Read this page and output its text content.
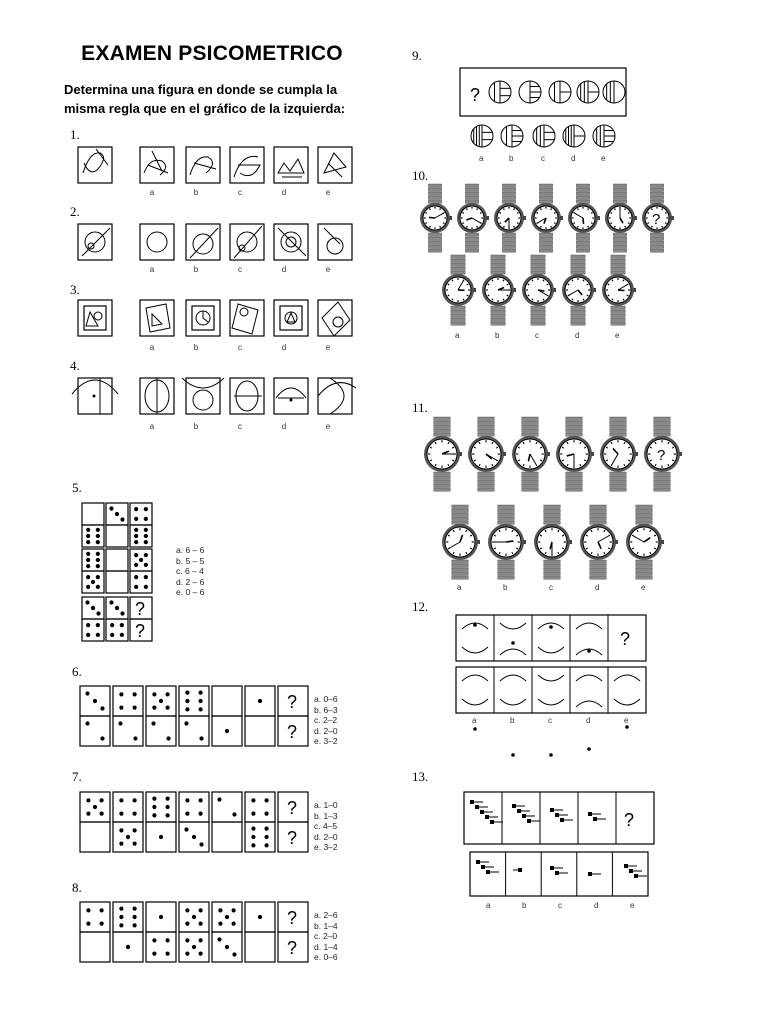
EXAMEN PSICOMETRICO
Determina una figura en donde se cumpla la misma regla que en el gráfico de la izquierda:
1.
2.
3.
4.
5.
6.
7.
8.
9.
10.
11.
12.
13.
a	b	c	d	e
a	b	c	d	e
a	b	c	d	e
a	b	c	d	e
?
?
a. 6 – 6
b. 5 – 5
c. 6 – 4
d. 2 – 6
e. 0 – 6
?
?
a. 0–6
b. 6–3
c. 2–2
d. 2–0
e. 3–2
?
?
a. 1–0
b. 1–3
c. 4–5
d. 2–0
e. 3–2
?
?
a. 2–6
b. 1–4
c. 2–0
d. 1–4
e. 0–6
?
a	b	c	d	e
?
a	b	c	d	e
?
a	b	c	d	e
?
a	b	c	d	e
?
a	b	c	d	e
